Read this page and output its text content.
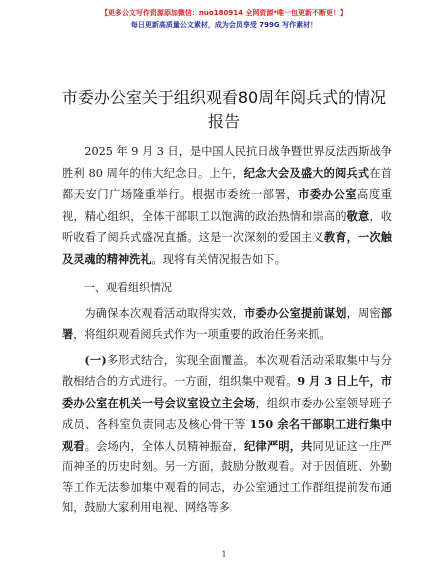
【更多公文写作资源添加微信：nuo180914 全网资源*唯一包更新不断更！】
每日更新高质量公文素材，成为会员享受 799G 写作素材！
市委办公室关于组织观看80周年阅兵式的情况报告

2025 年 9 月 3 日，是中国人民抗日战争暨世界反法西斯战争胜利 80 周年的伟大纪念日。上午，纪念大会及盛大的阅兵式在首都天安门广场隆重举行。根据市委统一部署，市委办公室高度重视，精心组织，全体干部职工以饱满的政治热情和崇高的敬意，收听收看了阅兵式盛况直播。这是一次深刻的爱国主义教育，一次触及灵魂的精神洗礼。现将有关情况报告如下。

一、观看组织情况

为确保本次观看活动取得实效，市委办公室提前谋划，周密部署，将组织观看阅兵式作为一项重要的政治任务来抓。

(一)多形式结合，实现全面覆盖。本次观看活动采取集中与分散相结合的方式进行。一方面，组织集中观看。9 月 3 日上午，市委办公室在机关一号会议室设立主会场，组织市委办公室领导班子成员、各科室负责同志及核心骨干等 150 余名干部职工进行集中观看。会场内，全体人员精神振奋，纪律严明，共同见证这一庄严而神圣的历史时刻。另一方面，鼓励分散观看。对于因值班、外勤等工作无法参加集中观看的同志，办公室通过工作群组提前发布通知，鼓励大家利用电视、网络等多

1
